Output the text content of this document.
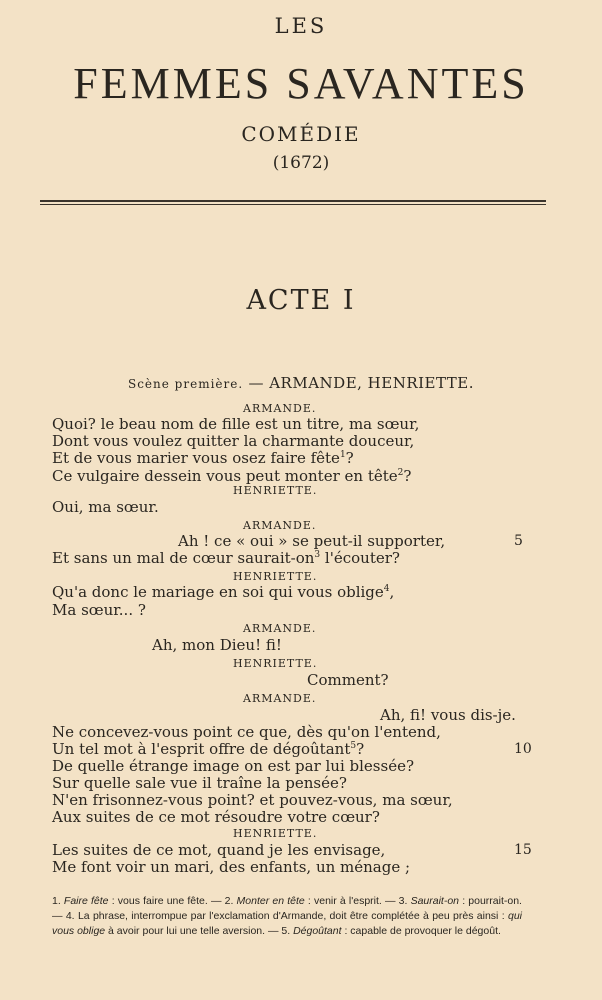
LES
FEMMES SAVANTES
COMÉDIE
(1672)
ACTE I
Scène première. — ARMANDE, HENRIETTE.
ARMANDE.
Quoi? le beau nom de fille est un titre, ma sœur,
Dont vous voulez quitter la charmante douceur,
Et de vous marier vous osez faire fête$^1$?
Ce vulgaire dessein vous peut monter en tête$^2$?
HENRIETTE.
Oui, ma sœur.
ARMANDE.
Ah ! ce « oui » se peut-il supporter,	5
Et sans un mal de cœur saurait-$on^3$ l'écouter?
HENRIETTE.
Qu'a donc le mariage en soi qui vous oblige$^4$,
Ma sœur... ?
ARMANDE.
Ah, mon Dieu! fi!
HENRIETTE.
Comment?
ARMANDE.
Ah, fi! vous dis-je.
Ne concevez-vous point ce que, dès qu'on l'entend,
Un tel mot à l'esprit offre de dégoûtant$^5$?	10
De quelle étrange image on est par lui blessée?
Sur quelle sale vue il traîne la pensée?
N'en frisonnez-vous point? et pouvez-vous, ma sœur,
Aux suites de ce mot résoudre votre cœur?
HENRIETTE.
Les suites de ce mot, quand je les envisage,	15
Me font voir un mari, des enfants, un ménage ;
1. Faire fête : vous faire une fête. — 2. Monter en tête : venir à l'esprit. — 3. Saurait-on : pourrait-on. — 4. La phrase, interrompue par l'exclamation d'Armande, doit être complétée à peu près ainsi : qui vous oblige à avoir pour lui une telle aversion. — 5. Dégoûtant : capable de provoquer le dégoût.
